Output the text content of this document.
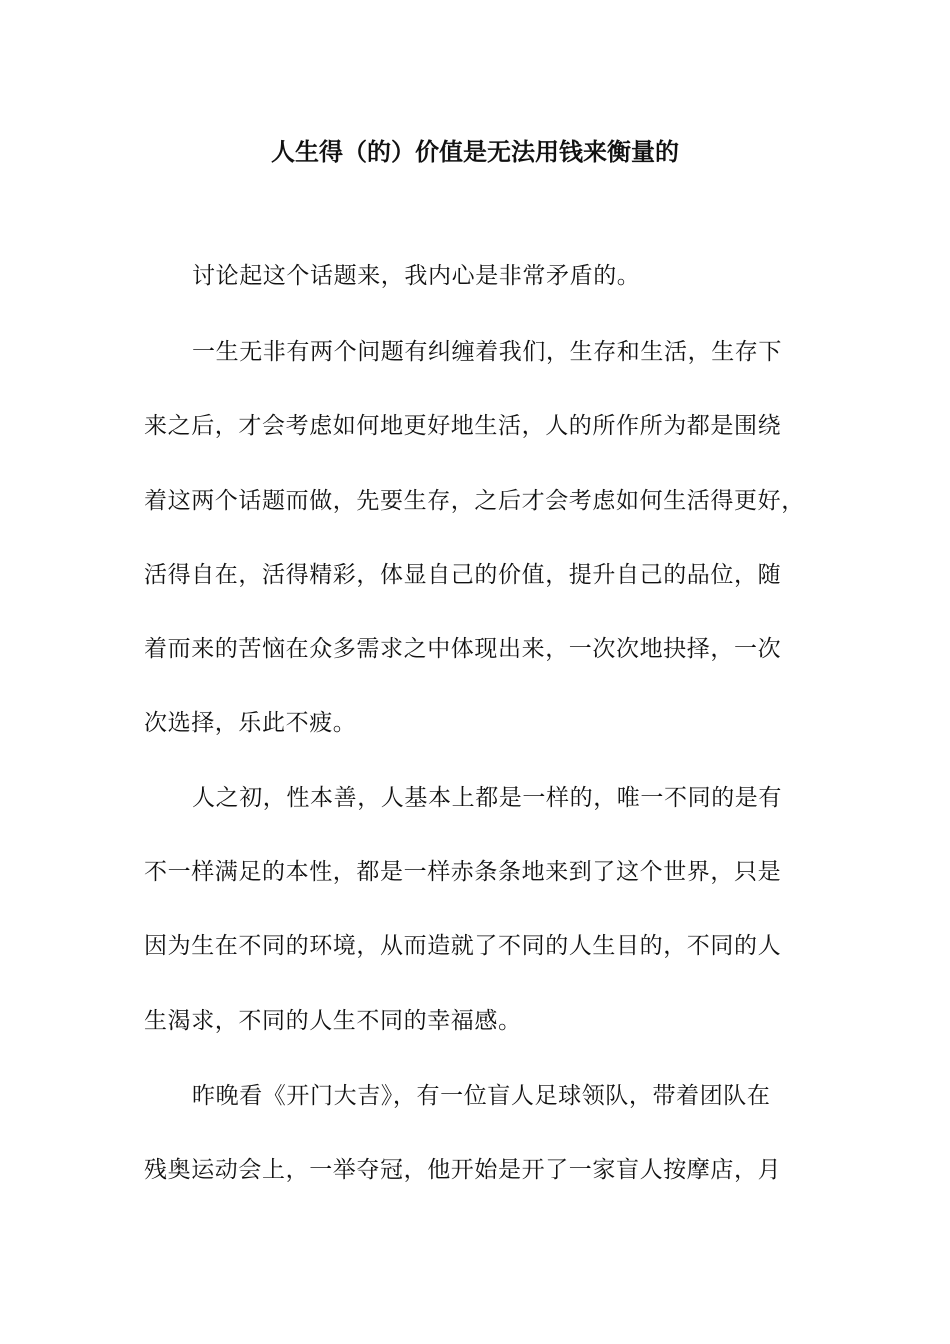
人生得（的）价值是无法用钱来衡量的
讨论起这个话题来，我内心是非常矛盾的。
一生无非有两个问题有纠缠着我们，生存和生活，生存下
来之后，才会考虑如何地更好地生活，人的所作所为都是围绕
着这两个话题而做，先要生存，之后才会考虑如何生活得更好，
活得自在，活得精彩，体显自己的价值，提升自己的品位，随
着而来的苦恼在众多需求之中体现出来，一次次地抉择，一次
次选择，乐此不疲。
人之初，性本善，人基本上都是一样的，唯一不同的是有
不一样满足的本性，都是一样赤条条地来到了这个世界，只是
因为生在不同的环境，从而造就了不同的人生目的，不同的人
生渴求，不同的人生不同的幸福感。
昨晚看《开门大吉》，有一位盲人足球领队，带着团队在
残奥运动会上，一举夺冠，他开始是开了一家盲人按摩店，月
